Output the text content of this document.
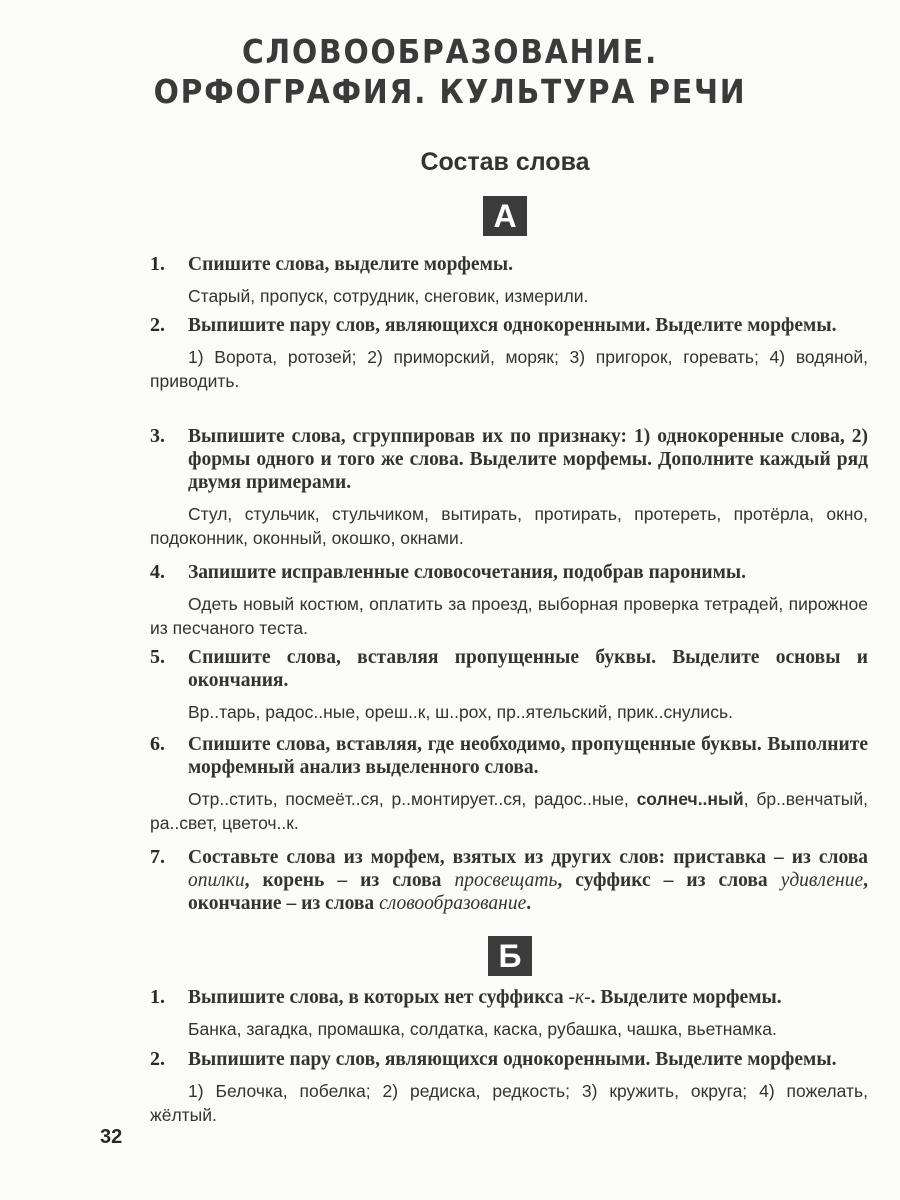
СЛОВООБРАЗОВАНИЕ.
ОРФОГРАФИЯ. КУЛЬТУРА РЕЧИ
Состав слова
А
1. Спишите слова, выделите морфемы.
Старый, пропуск, сотрудник, снеговик, измерили.
2. Выпишите пару слов, являющихся однокоренными. Выделите морфемы.
1) Ворота, ротозей; 2) приморский, моряк; 3) пригорок, горевать; 4) водяной, приводить.
3. Выпишите слова, сгруппировав их по признаку: 1) однокоренные слова, 2) формы одного и того же слова. Выделите морфемы. Дополните каждый ряд двумя примерами.
Стул, стульчик, стульчиком, вытирать, протирать, протереть, протёрла, окно, подоконник, оконный, окошко, окнами.
4. Запишите исправленные словосочетания, подобрав паронимы.
Одеть новый костюм, оплатить за проезд, выборная проверка тетрадей, пирожное из песчаного теста.
5. Спишите слова, вставляя пропущенные буквы. Выделите основы и окончания.
Вр..тарь, радос..ные, ореш..к, ш..рох, пр..ятельский, прик..снулись.
6. Спишите слова, вставляя, где необходимо, пропущенные буквы. Выполните морфемный анализ выделенного слова.
Отр..стить, посмеёт..ся, р..монтирует..ся, радос..ные, солнеч..ный, бр..венчатый, ра..свет, цветоч..к.
7. Составьте слова из морфем, взятых из других слов: приставка – из слова опилки, корень – из слова просвещать, суффикс – из слова удивление, окончание – из слова словообразование.
Б
1. Выпишите слова, в которых нет суффикса -к-. Выделите морфемы.
Банка, загадка, промашка, солдатка, каска, рубашка, чашка, вьетнамка.
2. Выпишите пару слов, являющихся однокоренными. Выделите морфемы.
1) Белочка, побелка; 2) редиска, редкость; 3) кружить, округа; 4) пожелать, жёлтый.
32
